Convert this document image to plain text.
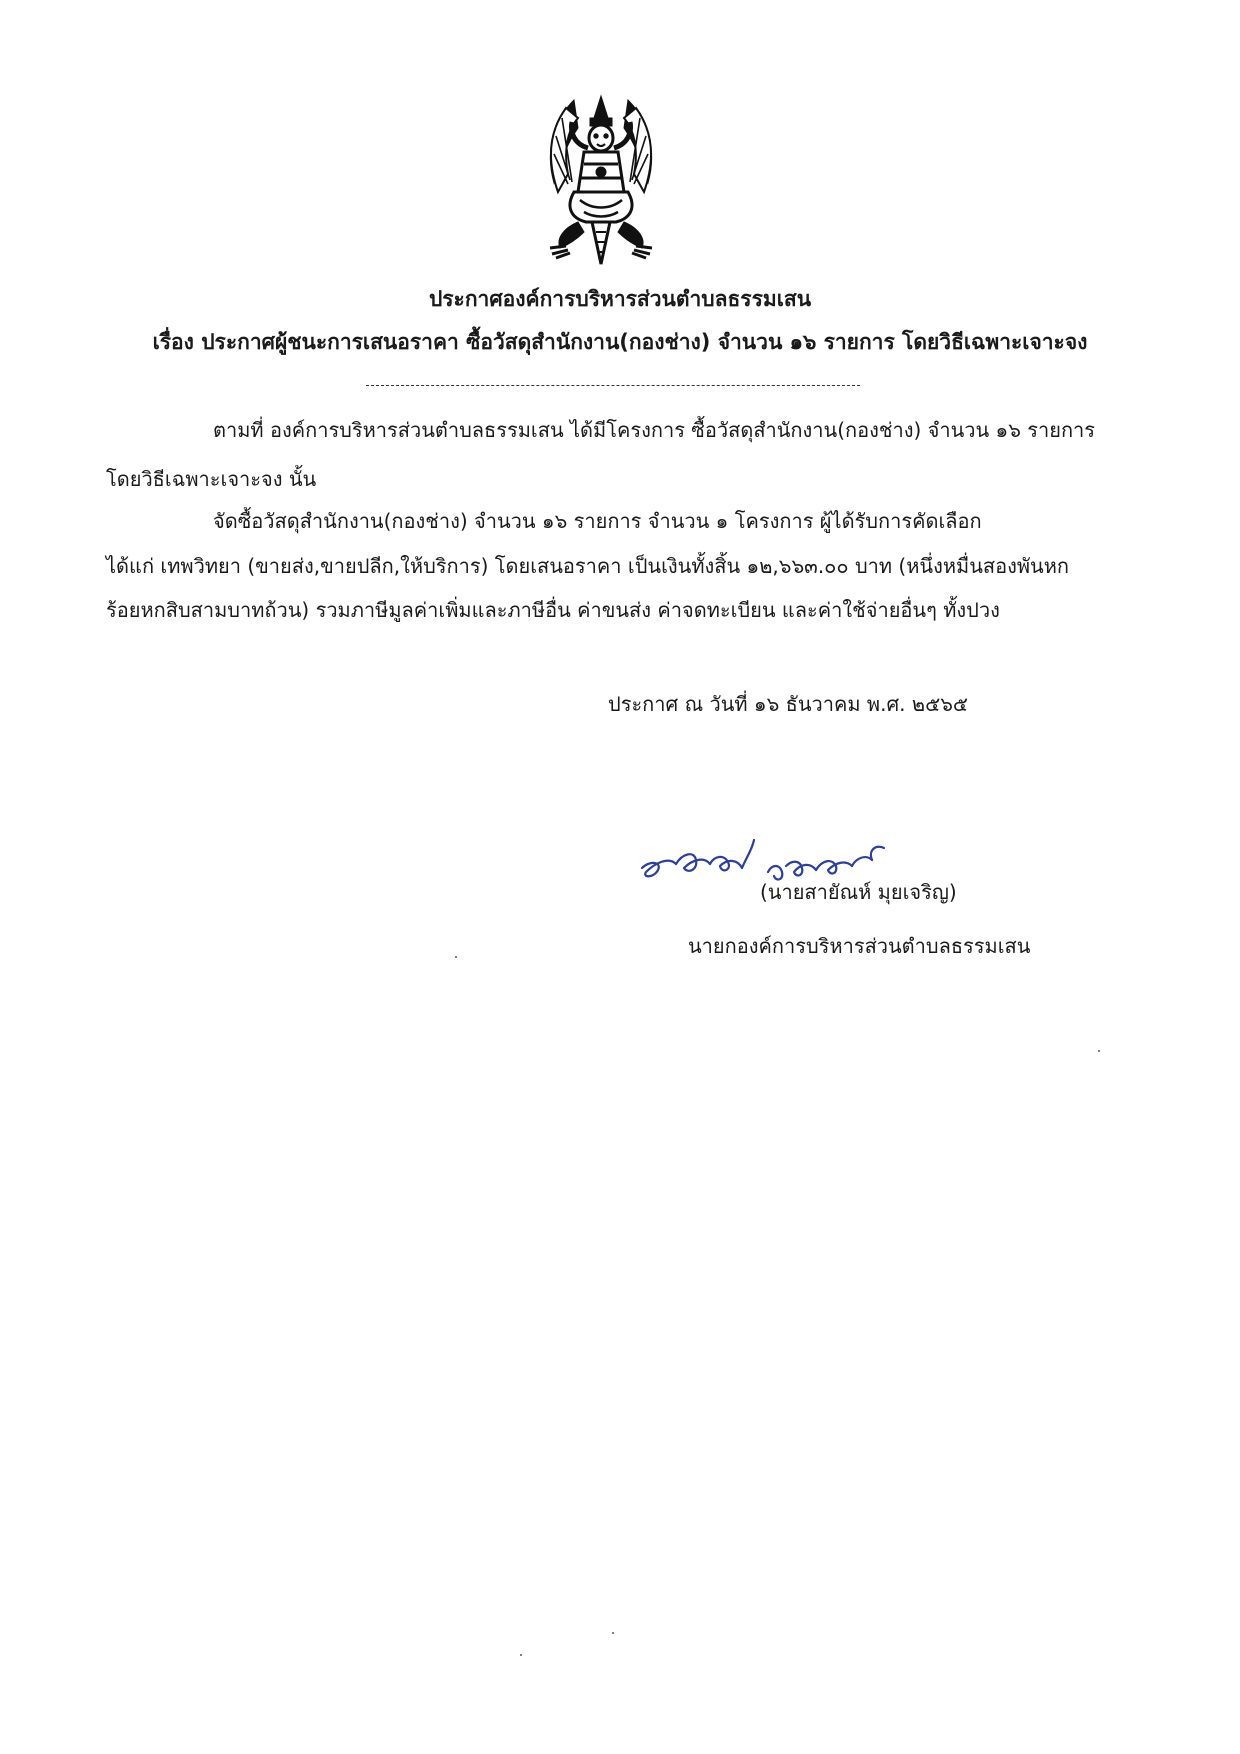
ประกาศองค์การบริหารส่วนตำบลธรรมเสน
เรื่อง ประกาศผู้ชนะการเสนอราคา ซื้อวัสดุสำนักงาน(กองช่าง) จำนวน ๑๖ รายการ โดยวิธีเฉพาะเจาะจง
ตามที่ องค์การบริหารส่วนตำบลธรรมเสน ได้มีโครงการ ซื้อวัสดุสำนักงาน(กองช่าง) จำนวน ๑๖ รายการ
โดยวิธีเฉพาะเจาะจง นั้น
จัดซื้อวัสดุสำนักงาน(กองช่าง) จำนวน ๑๖ รายการ จำนวน ๑ โครงการ ผู้ได้รับการคัดเลือก
ได้แก่ เทพวิทยา (ขายส่ง,ขายปลีก,ให้บริการ) โดยเสนอราคา เป็นเงินทั้งสิ้น ๑๒,๖๖๓.๐๐ บาท (หนึ่งหมื่นสองพันหก
ร้อยหกสิบสามบาทถ้วน) รวมภาษีมูลค่าเพิ่มและภาษีอื่น ค่าขนส่ง ค่าจดทะเบียน และค่าใช้จ่ายอื่นๆ ทั้งปวง
ประกาศ ณ วันที่ ๑๖ ธันวาคม พ.ศ. ๒๕๖๕
(นายสายัณห์ มุยเจริญ)
นายกองค์การบริหารส่วนตำบลธรรมเสน
